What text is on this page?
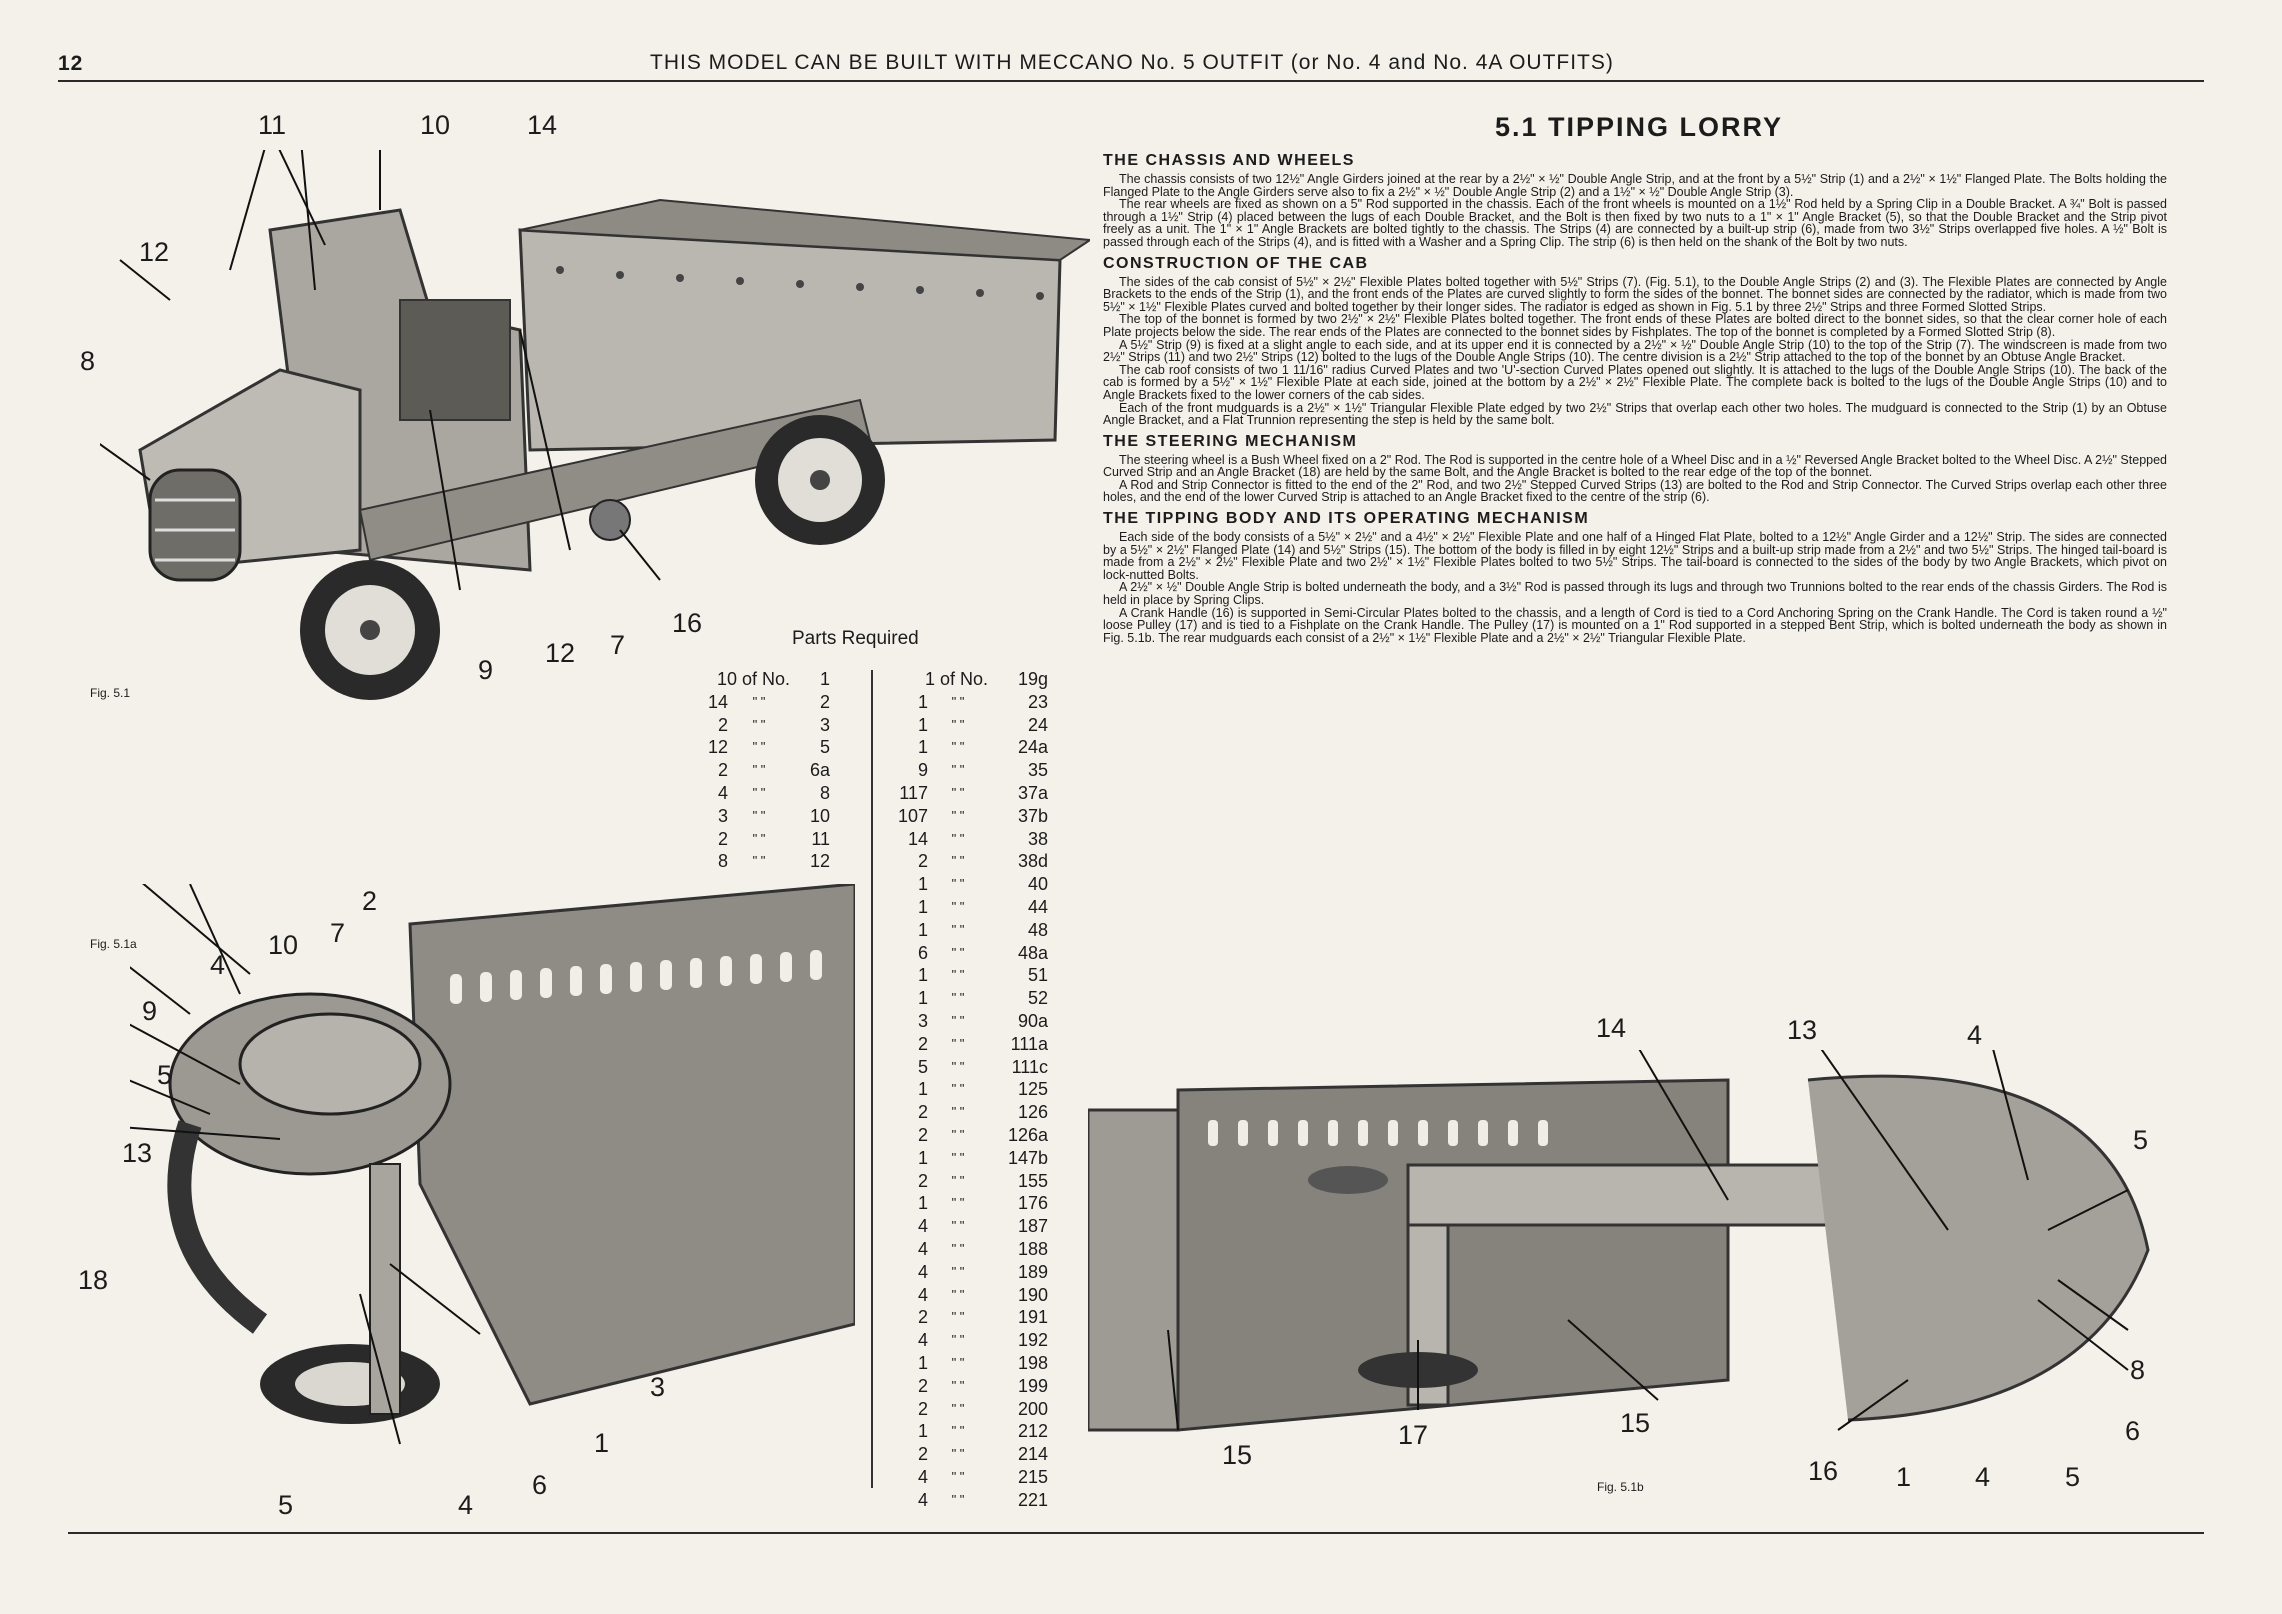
12	THIS MODEL CAN BE BUILT WITH MECCANO No. 5 OUTFIT (or No. 4 and No. 4A OUTFITS)
5.1 TIPPING LORRY
THE CHASSIS AND WHEELS

The chassis consists of two 12½" Angle Girders joined at the rear by a 2½" × ½" Double Angle Strip, and at the front by a 5½" Strip (1) and a 2½" × 1½" Flanged Plate. The Bolts holding the Flanged Plate to the Angle Girders serve also to fix a 2½" × ½" Double Angle Strip (2) and a 1½" × ½" Double Angle Strip (3).

The rear wheels are fixed as shown on a 5" Rod supported in the chassis. Each of the front wheels is mounted on a 1½" Rod held by a Spring Clip in a Double Bracket. A ¾" Bolt is passed through a 1½" Strip (4) placed between the lugs of each Double Bracket, and the Bolt is then fixed by two nuts to a 1" × 1" Angle Bracket (5), so that the Double Bracket and the Strip pivot freely as a unit. The 1" × 1" Angle Brackets are bolted tightly to the chassis. The Strips (4) are connected by a built-up strip (6), made from two 3½" Strips overlapped five holes. A ½" Bolt is passed through each of the Strips (4), and is fitted with a Washer and a Spring Clip. The strip (6) is then held on the shank of the Bolt by two nuts.

CONSTRUCTION OF THE CAB

The sides of the cab consist of 5½" × 2½" Flexible Plates bolted together with 5½" Strips (7). (Fig. 5.1), to the Double Angle Strips (2) and (3). The Flexible Plates are connected by Angle Brackets to the ends of the Strip (1), and the front ends of the Plates are curved slightly to form the sides of the bonnet. The bonnet sides are connected by the radiator, which is made from two 5½" × 1½" Flexible Plates curved and bolted together by their longer sides. The radiator is edged as shown in Fig. 5.1 by three 2½" Strips and three Formed Slotted Strips.

The top of the bonnet is formed by two 2½" × 2½" Flexible Plates bolted together. The front ends of these Plates are bolted direct to the bonnet sides, so that the clear corner hole of each Plate projects below the side. The rear ends of the Plates are connected to the bonnet sides by Fishplates. The top of the bonnet is completed by a Formed Slotted Strip (8).

A 5½" Strip (9) is fixed at a slight angle to each side, and at its upper end it is connected by a 2½" × ½" Double Angle Strip (10) to the top of the Strip (7). The windscreen is made from two 2½" Strips (11) and two 2½" Strips (12) bolted to the lugs of the Double Angle Strips (10). The centre division is a 2½" Strip attached to the top of the bonnet by an Obtuse Angle Bracket.

The cab roof consists of two 1 11/16" radius Curved Plates and two 'U'-section Curved Plates opened out slightly. It is attached to the lugs of the Double Angle Strips (10). The back of the cab is formed by a 5½" × 1½" Flexible Plate at each side, joined at the bottom by a 2½" × 2½" Flexible Plate. The complete back is bolted to the lugs of the Double Angle Strips (10) and to Angle Brackets fixed to the lower corners of the cab sides.

Each of the front mudguards is a 2½" × 1½" Triangular Flexible Plate edged by two 2½" Strips that overlap each other two holes. The mudguard is connected to the Strip (1) by an Obtuse Angle Bracket, and a Flat Trunnion representing the step is held by the same bolt.

THE STEERING MECHANISM

The steering wheel is a Bush Wheel fixed on a 2" Rod. The Rod is supported in the centre hole of a Wheel Disc and in a ½" Reversed Angle Bracket bolted to the Wheel Disc. A 2½" Stepped Curved Strip and an Angle Bracket (18) are held by the same Bolt, and the Angle Bracket is bolted to the rear edge of the top of the bonnet.

A Rod and Strip Connector is fitted to the end of the 2" Rod, and two 2½" Stepped Curved Strips (13) are bolted to the Rod and Strip Connector. The Curved Strips overlap each other three holes, and the end of the lower Curved Strip is attached to an Angle Bracket fixed to the centre of the strip (6).

THE TIPPING BODY AND ITS OPERATING MECHANISM

Each side of the body consists of a 5½" × 2½" and a 4½" × 2½" Flexible Plate and one half of a Hinged Flat Plate, bolted to a 12½" Angle Girder and a 12½" Strip. The sides are connected by a 5½" × 2½" Flanged Plate (14) and 5½" Strips (15). The bottom of the body is filled in by eight 12½" Strips and a built-up strip made from a 2½" and two 5½" Strips. The hinged tail-board is made from a 2½" × 2½" Flexible Plate and two 2½" × 1½" Flexible Plates bolted to two 5½" Strips. The tail-board is connected to the sides of the body by two Angle Brackets, which pivot on lock-nutted Bolts.

A 2½" × ½" Double Angle Strip is bolted underneath the body, and a 3½" Rod is passed through its lugs and through two Trunnions bolted to the rear ends of the chassis Girders. The Rod is held in place by Spring Clips.

A Crank Handle (16) is supported in Semi-Circular Plates bolted to the chassis, and a length of Cord is tied to a Cord Anchoring Spring on the Crank Handle. The Cord is taken round a ½" loose Pulley (17) and is tied to a Fishplate on the Crank Handle. The Pulley (17) is mounted on a 1" Rod supported in a stepped Bent Strip, which is bolted underneath the body as shown in Fig. 5.1b. The rear mudguards each consist of a 2½" × 1½" Flexible Plate and a 2½" × 2½" Triangular Flexible Plate.

11	10	14
12
8
9
12 7
16
Fig. 5.1
Parts Required
10 of No.	1
14	" "	2
2	" "	3
12	" "	5
2	" "	6a
4	" "	8
3	" "	10
2	" "	11
8	" "	12
1 of No.	19g
1	" "	23
1	" "	24
1	" "	24a
9	" "	35
117	" "	37a
107	" "	37b
14	" "	38
2	" "	38d
1	" "	40
1	" "	44
1	" "	48
6	" "	48a
1	" "	51
1	" "	52
3	" "	90a
2	" "	111a
5	" "	111c
1	" "	125
2	" "	126
2	" "	126a
1	" "	147b
2	" "	155
1	" "	176
4	" "	187
4	" "	188
4	" "	189
4	" "	190
2	" "	191
4	" "	192
1	" "	198
2	" "	199
2	" "	200
1	" "	212
2	" "	214
4	" "	215
4	" "	221
2
10 7
4
9
5
13
18
3
1
5	4
6
Fig. 5.1a
14	13	4
5
8
6
15
17	15
16 1 4	5
Fig. 5.1b
